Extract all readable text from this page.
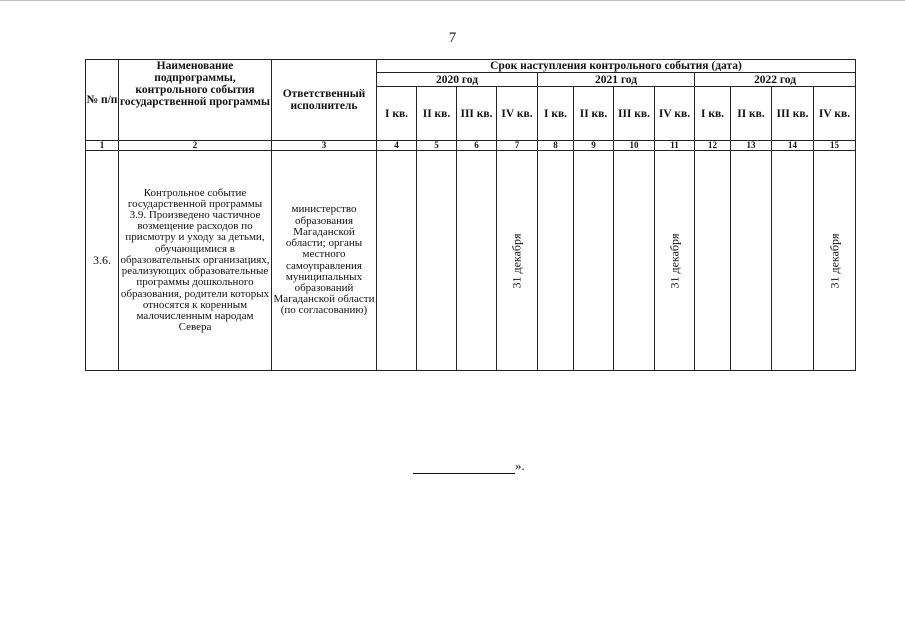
7
№ п/п	Наименование подпрограммы, контрольного события государственной программы	Ответственный исполнитель	Срок наступления контрольного события (дата)											
			2020 год				2021 год				2022 год			
			I кв.	II кв.	III кв.	IV кв.	I кв.	II кв.	III кв.	IV кв.	I кв.	II кв.	III кв.	IV кв.
1	2	3	4	5	6	7	8	9	10	11	12	13	14	15
3.6.	Контрольное событие государственной программы 3.9. Произведено частичное возмещение расходов по присмотру и уходу за детьми, обучающимися в образовательных организациях, реализующих образовательные программы дошкольного образования, родители которых относятся к коренным малочисленным народам Севера	министерство образования Магаданской области; органы местного самоуправления муниципальных образований Магаданской области (по согласованию)				31 декабря				31 декабря				31 декабря
».
